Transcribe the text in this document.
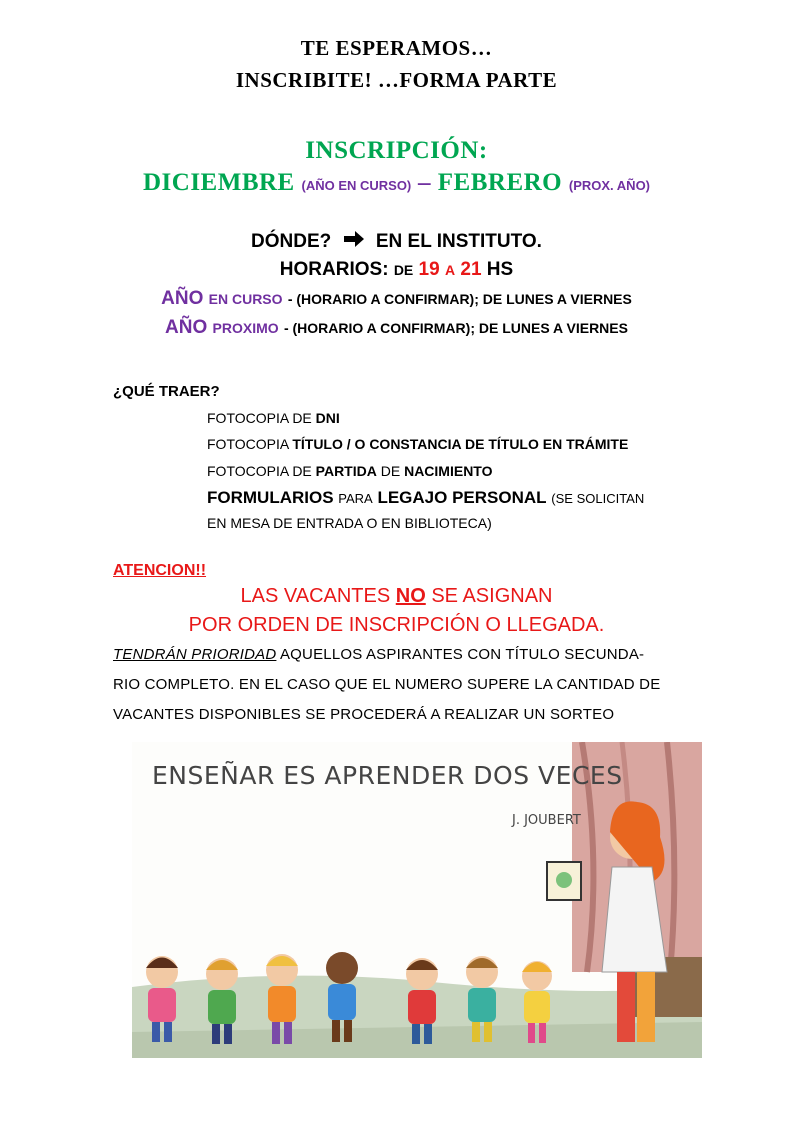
TE ESPERAMOS…
INSCRIBITE! …FORMA PARTE
INSCRIPCIÓN:
DICIEMBRE (AÑO EN CURSO) – FEBRERO (PROX. AÑO)
DÓNDE? EN EL INSTITUTO.
HORARIOS: DE 19 A 21 HS
AÑO EN CURSO - (HORARIO A CONFIRMAR); DE LUNES A VIERNES
AÑO PROXIMO - (HORARIO A CONFIRMAR); DE LUNES A VIERNES
¿QUÉ TRAER?
FOTOCOPIA DE DNI
FOTOCOPIA TÍTULO / O CONSTANCIA DE TÍTULO EN TRÁMITE
FOTOCOPIA DE PARTIDA DE NACIMIENTO
FORMULARIOS PARA LEGAJO PERSONAL (SE SOLICITAN
EN MESA DE ENTRADA O EN BIBLIOTECA)
ATENCION!!
LAS VACANTES NO SE ASIGNAN
POR ORDEN DE INSCRIPCIÓN O LLEGADA.
TENDRÁN PRIORIDAD AQUELLOS ASPIRANTES CON TÍTULO SECUNDA-
RIO COMPLETO. EN EL CASO QUE EL NUMERO SUPERE LA CANTIDAD DE
VACANTES DISPONIBLES SE PROCEDERÁ A REALIZAR UN SORTEO
ENSEÑAR ES APRENDER DOS VECES
J. JOUBERT
